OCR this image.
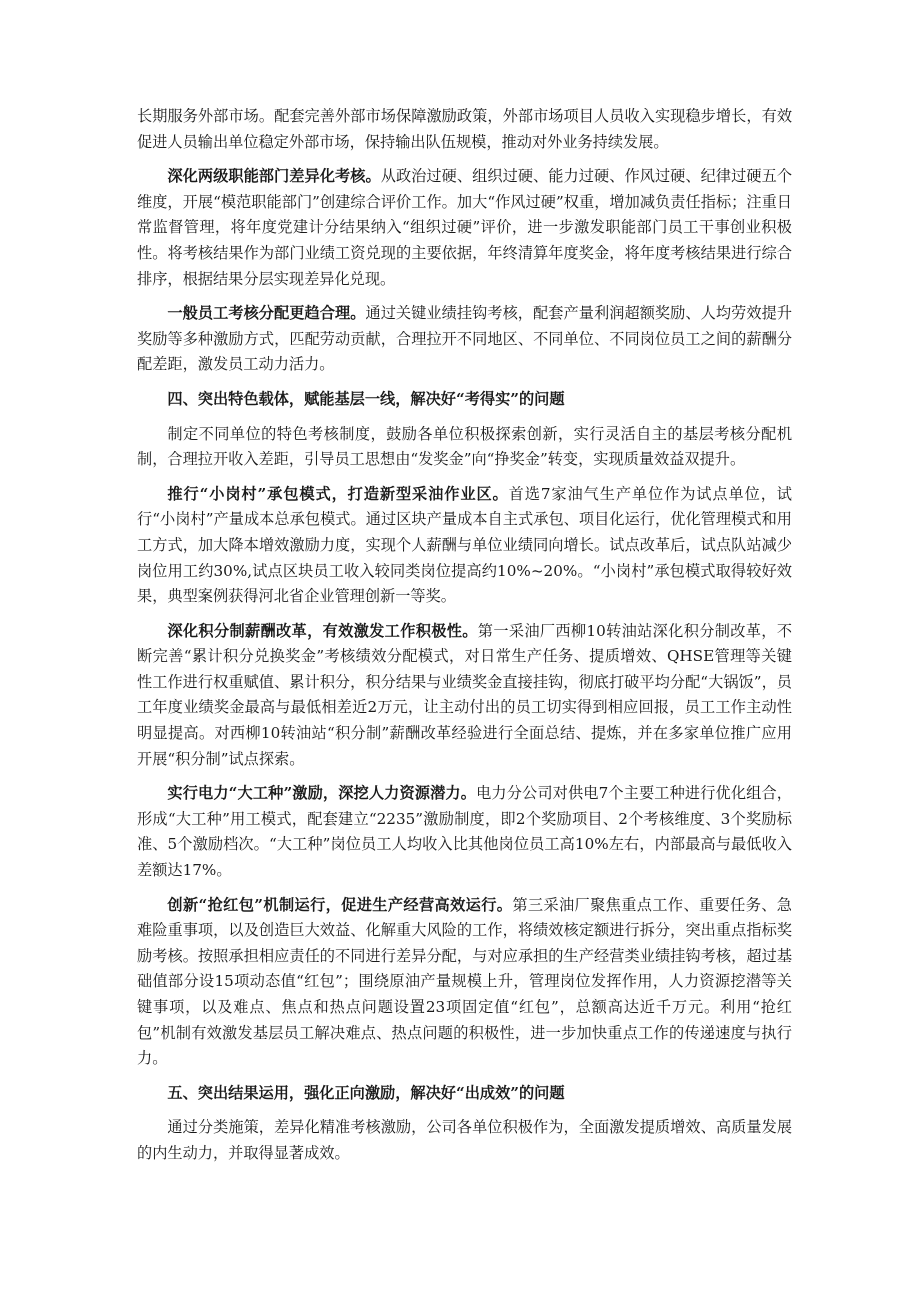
长期服务外部市场。配套完善外部市场保障激励政策，外部市场项目人员收入实现稳步增长，有效促进人员输出单位稳定外部市场，保持输出队伍规模，推动对外业务持续发展。

深化两级职能部门差异化考核。从政治过硬、组织过硬、能力过硬、作风过硬、纪律过硬五个维度，开展“模范职能部门”创建综合评价工作。加大“作风过硬”权重，增加减负责任指标；注重日常监督管理，将年度党建计分结果纳入“组织过硬”评价，进一步激发职能部门员工干事创业积极性。将考核结果作为部门业绩工资兑现的主要依据，年终清算年度奖金，将年度考核结果进行综合排序，根据结果分层实现差异化兑现。

一般员工考核分配更趋合理。通过关键业绩挂钩考核，配套产量利润超额奖励、人均劳效提升奖励等多种激励方式，匹配劳动贡献，合理拉开不同地区、不同单位、不同岗位员工之间的薪酬分配差距，激发员工动力活力。

四、突出特色载体，赋能基层一线，解决好“考得实”的问题

制定不同单位的特色考核制度，鼓励各单位积极探索创新，实行灵活自主的基层考核分配机制，合理拉开收入差距，引导员工思想由“发奖金”向“挣奖金”转变，实现质量效益双提升。

推行“小岗村”承包模式，打造新型采油作业区。首选7家油气生产单位作为试点单位，试行“小岗村”产量成本总承包模式。通过区块产量成本自主式承包、项目化运行，优化管理模式和用工方式，加大降本增效激励力度，实现个人薪酬与单位业绩同向增长。试点改革后，试点队站减少岗位用工约30%,试点区块员工收入较同类岗位提高约10%~20%。“小岗村”承包模式取得较好效果，典型案例获得河北省企业管理创新一等奖。

深化积分制薪酬改革，有效激发工作积极性。第一采油厂西柳10转油站深化积分制改革，不断完善“累计积分兑换奖金”考核绩效分配模式，对日常生产任务、提质增效、QHSE管理等关键性工作进行权重赋值、累计积分，积分结果与业绩奖金直接挂钩，彻底打破平均分配“大锅饭”，员工年度业绩奖金最高与最低相差近2万元，让主动付出的员工切实得到相应回报，员工工作主动性明显提高。对西柳10转油站“积分制”薪酬改革经验进行全面总结、提炼，并在多家单位推广应用开展“积分制”试点探索。

实行电力“大工种”激励，深挖人力资源潜力。电力分公司对供电7个主要工种进行优化组合，形成“大工种”用工模式，配套建立“2235”激励制度，即2个奖励项目、2个考核维度、3个奖励标准、5个激励档次。“大工种”岗位员工人均收入比其他岗位员工高10%左右，内部最高与最低收入差额达17%。

创新“抢红包”机制运行，促进生产经营高效运行。第三采油厂聚焦重点工作、重要任务、急难险重事项，以及创造巨大效益、化解重大风险的工作，将绩效核定额进行拆分，突出重点指标奖励考核。按照承担相应责任的不同进行差异分配，与对应承担的生产经营类业绩挂钩考核，超过基础值部分设15项动态值“红包”；围绕原油产量规模上升，管理岗位发挥作用，人力资源挖潜等关键事项，以及难点、焦点和热点问题设置23项固定值“红包”，总额高达近千万元。利用“抢红包”机制有效激发基层员工解决难点、热点问题的积极性，进一步加快重点工作的传递速度与执行力。

五、突出结果运用，强化正向激励，解决好“出成效”的问题

通过分类施策，差异化精准考核激励，公司各单位积极作为，全面激发提质增效、高质量发展的内生动力，并取得显著成效。
